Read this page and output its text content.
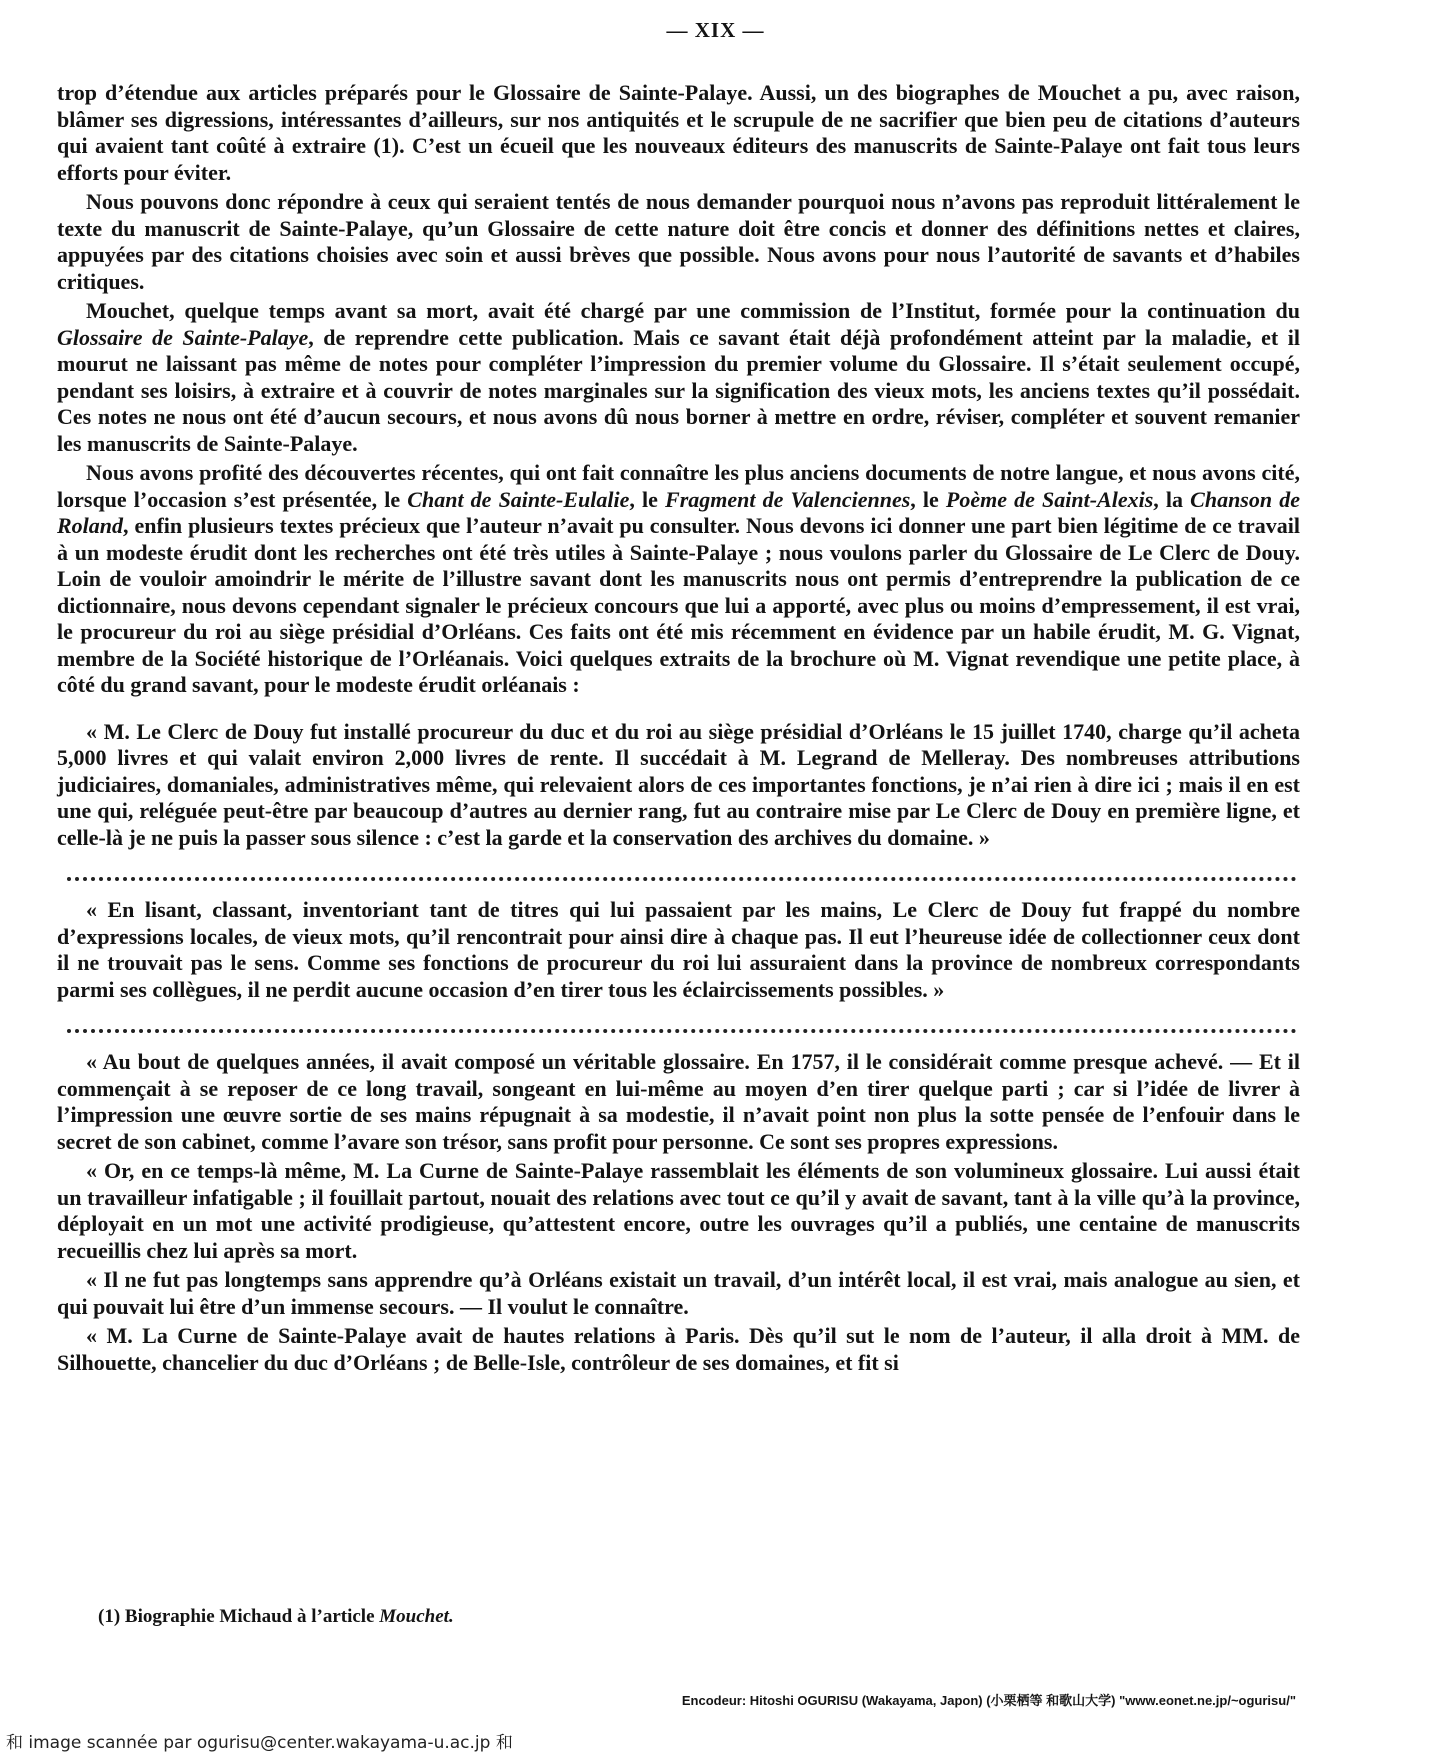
— XIX —

trop d’étendue aux articles préparés pour le Glossaire de Sainte-Palaye. Aussi, un des biographes de Mouchet a pu, avec raison, blâmer ses digressions, intéressantes d’ailleurs, sur nos antiquités et le scrupule de ne sacrifier que bien peu de citations d’auteurs qui avaient tant coûté à extraire (1). C’est un écueil que les nouveaux éditeurs des manuscrits de Sainte-Palaye ont fait tous leurs efforts pour éviter.

Nous pouvons donc répondre à ceux qui seraient tentés de nous demander pourquoi nous n’avons pas reproduit littéralement le texte du manuscrit de Sainte-Palaye, qu’un Glossaire de cette nature doit être concis et donner des définitions nettes et claires, appuyées par des citations choisies avec soin et aussi brèves que possible. Nous avons pour nous l’autorité de savants et d’habiles critiques.

Mouchet, quelque temps avant sa mort, avait été chargé par une commission de l’Institut, formée pour la continuation du Glossaire de Sainte-Palaye, de reprendre cette publication. Mais ce savant était déjà profondément atteint par la maladie, et il mourut ne laissant pas même de notes pour compléter l’impression du premier volume du Glossaire. Il s’était seulement occupé, pendant ses loisirs, à extraire et à couvrir de notes marginales sur la signification des vieux mots, les anciens textes qu’il possédait. Ces notes ne nous ont été d’aucun secours, et nous avons dû nous borner à mettre en ordre, réviser, compléter et souvent remanier les manuscrits de Sainte-Palaye.

Nous avons profité des découvertes récentes, qui ont fait connaître les plus anciens documents de notre langue, et nous avons cité, lorsque l’occasion s’est présentée, le Chant de Sainte-Eulalie, le Fragment de Valenciennes, le Poème de Saint-Alexis, la Chanson de Roland, enfin plusieurs textes précieux que l’auteur n’avait pu consulter. Nous devons ici donner une part bien légitime de ce travail à un modeste érudit dont les recherches ont été très utiles à Sainte-Palaye ; nous voulons parler du Glossaire de Le Clerc de Douy. Loin de vouloir amoindrir le mérite de l’illustre savant dont les manuscrits nous ont permis d’entreprendre la publication de ce dictionnaire, nous devons cependant signaler le précieux concours que lui a apporté, avec plus ou moins d’empressement, il est vrai, le procureur du roi au siège présidial d’Orléans. Ces faits ont été mis récemment en évidence par un habile érudit, M. G. Vignat, membre de la Société historique de l’Orléanais. Voici quelques extraits de la brochure où M. Vignat revendique une petite place, à côté du grand savant, pour le modeste érudit orléanais :

« M. Le Clerc de Douy fut installé procureur du duc et du roi au siège présidial d’Orléans le 15 juillet 1740, charge qu’il acheta 5,000 livres et qui valait environ 2,000 livres de rente. Il succédait à M. Legrand de Melleray. Des nombreuses attributions judiciaires, domaniales, administratives même, qui relevaient alors de ces importantes fonctions, je n’ai rien à dire ici ; mais il en est une qui, reléguée peut-être par beaucoup d’autres au dernier rang, fut au contraire mise par Le Clerc de Douy en première ligne, et celle-là je ne puis la passer sous silence : c’est la garde et la conservation des archives du domaine. »

« En lisant, classant, inventoriant tant de titres qui lui passaient par les mains, Le Clerc de Douy fut frappé du nombre d’expressions locales, de vieux mots, qu’il rencontrait pour ainsi dire à chaque pas. Il eut l’heureuse idée de collectionner ceux dont il ne trouvait pas le sens. Comme ses fonctions de procureur du roi lui assuraient dans la province de nombreux correspondants parmi ses collègues, il ne perdit aucune occasion d’en tirer tous les éclaircissements possibles. »

« Au bout de quelques années, il avait composé un véritable glossaire. En 1757, il le considérait comme presque achevé. — Et il commençait à se reposer de ce long travail, songeant en lui-même au moyen d’en tirer quelque parti ; car si l’idée de livrer à l’impression une œuvre sortie de ses mains répugnait à sa modestie, il n’avait point non plus la sotte pensée de l’enfouir dans le secret de son cabinet, comme l’avare son trésor, sans profit pour personne. Ce sont ses propres expressions.

« Or, en ce temps-là même, M. La Curne de Sainte-Palaye rassemblait les éléments de son volumineux glossaire. Lui aussi était un travailleur infatigable ; il fouillait partout, nouait des relations avec tout ce qu’il y avait de savant, tant à la ville qu’à la province, déployait en un mot une activité prodigieuse, qu’attestent encore, outre les ouvrages qu’il a publiés, une centaine de manuscrits recueillis chez lui après sa mort.

« Il ne fut pas longtemps sans apprendre qu’à Orléans existait un travail, d’un intérêt local, il est vrai, mais analogue au sien, et qui pouvait lui être d’un immense secours. — Il voulut le connaître.

« M. La Curne de Sainte-Palaye avait de hautes relations à Paris. Dès qu’il sut le nom de l’auteur, il alla droit à MM. de Silhouette, chancelier du duc d’Orléans ; de Belle-Isle, contrôleur de ses domaines, et fit si

(1) Biographie Michaud à l’article Mouchet.
Encodeur: Hitoshi OGURISU (Wakayama, Japon) (小栗栖等 和歌山大学) "www.eonet.ne.jp/~ogurisu/"
和 image scannée par ogurisu@center.wakayama-u.ac.jp 和
